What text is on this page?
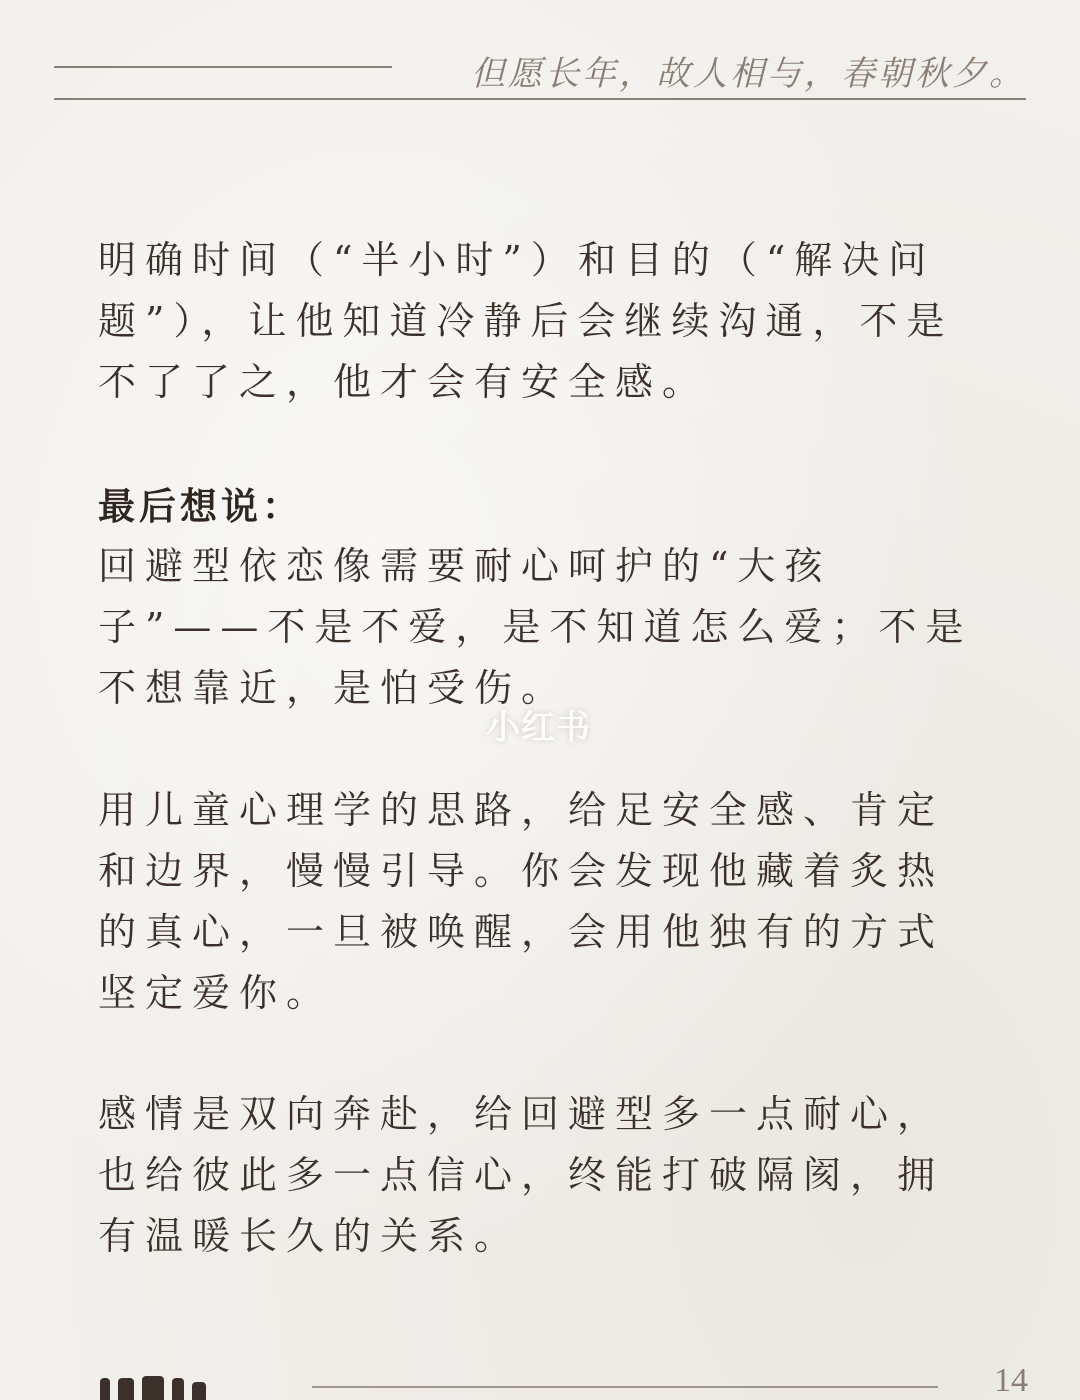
但愿长年，故人相与，春朝秋夕。

明确时间（“半小时”）和目的（“解决问题”），让他知道冷静后会继续沟通，不是不了了之，他才会有安全感。

最后想说：

回避型依恋像需要耐心呵护的“大孩子”——不是不爱，是不知道怎么爱；不是不想靠近，是怕受伤。

用儿童心理学的思路，给足安全感、肯定和边界，慢慢引导。你会发现他藏着炙热的真心，一旦被唤醒，会用他独有的方式坚定爱你。

感情是双向奔赴，给回避型多一点耐心，也给彼此多一点信心，终能打破隔阂，拥有温暖长久的关系。

小红书

14
